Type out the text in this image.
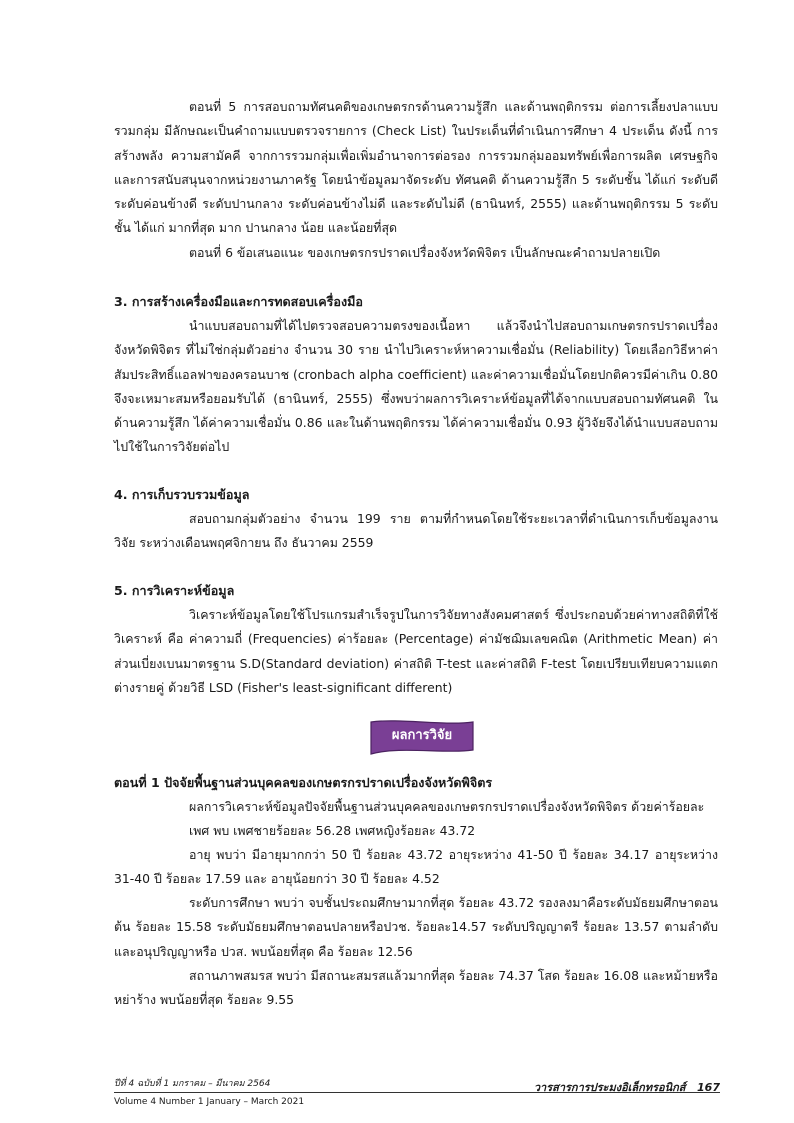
ตอนที่ 5 การสอบถามทัศนคติของเกษตรกรด้านความรู้สึก และด้านพฤติกรรม ต่อการเลี้ยงปลาแบบรวมกลุ่ม มีลักษณะเป็นคำถามแบบตรวจรายการ (Check List) ในประเด็นที่ดำเนินการศึกษา 4 ประเด็น ดังนี้ การสร้างพลัง ความสามัคคี จากการรวมกลุ่มเพื่อเพิ่มอำนาจการต่อรอง การรวมกลุ่มออมทรัพย์เพื่อการผลิต เศรษฐกิจ และการสนับสนุนจากหน่วยงานภาครัฐ โดยนำข้อมูลมาจัดระดับ ทัศนคติ ด้านความรู้สึก 5 ระดับชั้น ได้แก่ ระดับดี ระดับค่อนข้างดี ระดับปานกลาง ระดับค่อนข้างไม่ดี และระดับไม่ดี (ธานินทร์, 2555) และด้านพฤติกรรม 5 ระดับชั้น ได้แก่ มากที่สุด มาก ปานกลาง น้อย และน้อยที่สุด

ตอนที่ 6 ข้อเสนอแนะ ของเกษตรกรปราดเปรื่องจังหวัดพิจิตร เป็นลักษณะคำถามปลายเปิด

3. การสร้างเครื่องมือและการทดสอบเครื่องมือ

นำแบบสอบถามที่ได้ไปตรวจสอบความตรงของเนื้อหา แล้วจึงนำไปสอบถามเกษตรกรปราดเปรื่องจังหวัดพิจิตร ที่ไม่ใช่กลุ่มตัวอย่าง จำนวน 30 ราย นำไปวิเคราะห์หาความเชื่อมั่น (Reliability) โดยเลือกวิธีหาค่าสัมประสิทธิ์แอลฟาของครอนบาช (cronbach alpha coefficient) และค่าความเชื่อมั่นโดยปกติควรมีค่าเกิน 0.80 จึงจะเหมาะสมหรือยอมรับได้ (ธานินทร์, 2555) ซึ่งพบว่าผลการวิเคราะห์ข้อมูลที่ได้จากแบบสอบถามทัศนคติ ในด้านความรู้สึก ได้ค่าความเชื่อมั่น 0.86 และในด้านพฤติกรรม ได้ค่าความเชื่อมั่น 0.93 ผู้วิจัยจึงได้นำแบบสอบถามไปใช้ในการวิจัยต่อไป

4. การเก็บรวบรวมข้อมูล

สอบถามกลุ่มตัวอย่าง จำนวน 199 ราย ตามที่กำหนดโดยใช้ระยะเวลาที่ดำเนินการเก็บข้อมูลงานวิจัย ระหว่างเดือนพฤศจิกายน ถึง ธันวาคม 2559

5. การวิเคราะห์ข้อมูล

วิเคราะห์ข้อมูลโดยใช้โปรแกรมสำเร็จรูปในการวิจัยทางสังคมศาสตร์ ซึ่งประกอบด้วยค่าทางสถิติที่ใช้วิเคราะห์ คือ ค่าความถี่ (Frequencies) ค่าร้อยละ (Percentage) ค่ามัชฌิมเลขคณิต (Arithmetic Mean) ค่าส่วนเบี่ยงเบนมาตรฐาน S.D(Standard deviation) ค่าสถิติ T-test และค่าสถิติ F-test โดยเปรียบเทียบความแตกต่างรายคู่ ด้วยวิธี LSD (Fisher's least-significant different)

ผลการวิจัย
ตอนที่ 1 ปัจจัยพื้นฐานส่วนบุคคลของเกษตรกรปราดเปรื่องจังหวัดพิจิตร

ผลการวิเคราะห์ข้อมูลปัจจัยพื้นฐานส่วนบุคคลของเกษตรกรปราดเปรื่องจังหวัดพิจิตร ด้วยค่าร้อยละ

เพศ พบ เพศชายร้อยละ 56.28 เพศหญิงร้อยละ 43.72

อายุ พบว่า มีอายุมากกว่า 50 ปี ร้อยละ 43.72 อายุระหว่าง 41-50 ปี ร้อยละ 34.17 อายุระหว่าง 31-40 ปี ร้อยละ 17.59 และ อายุน้อยกว่า 30 ปี ร้อยละ 4.52

ระดับการศึกษา พบว่า จบชั้นประถมศึกษามากที่สุด ร้อยละ 43.72 รองลงมาคือระดับมัธยมศึกษาตอนต้น ร้อยละ 15.58 ระดับมัธยมศึกษาตอนปลายหรือปวช. ร้อยละ14.57 ระดับปริญญาตรี ร้อยละ 13.57 ตามลำดับ และอนุปริญญาหรือ ปวส. พบน้อยที่สุด คือ ร้อยละ 12.56

สถานภาพสมรส พบว่า มีสถานะสมรสแล้วมากที่สุด ร้อยละ 74.37 โสด ร้อยละ 16.08 และหม้ายหรือหย่าร้าง พบน้อยที่สุด ร้อยละ 9.55

ปีที่ 4 ฉบับที่ 1 มกราคม – มีนาคม 2564	วารสารการประมงอิเล็กทรอนิกส์ 167
Volume 4 Number 1 January – March 2021
